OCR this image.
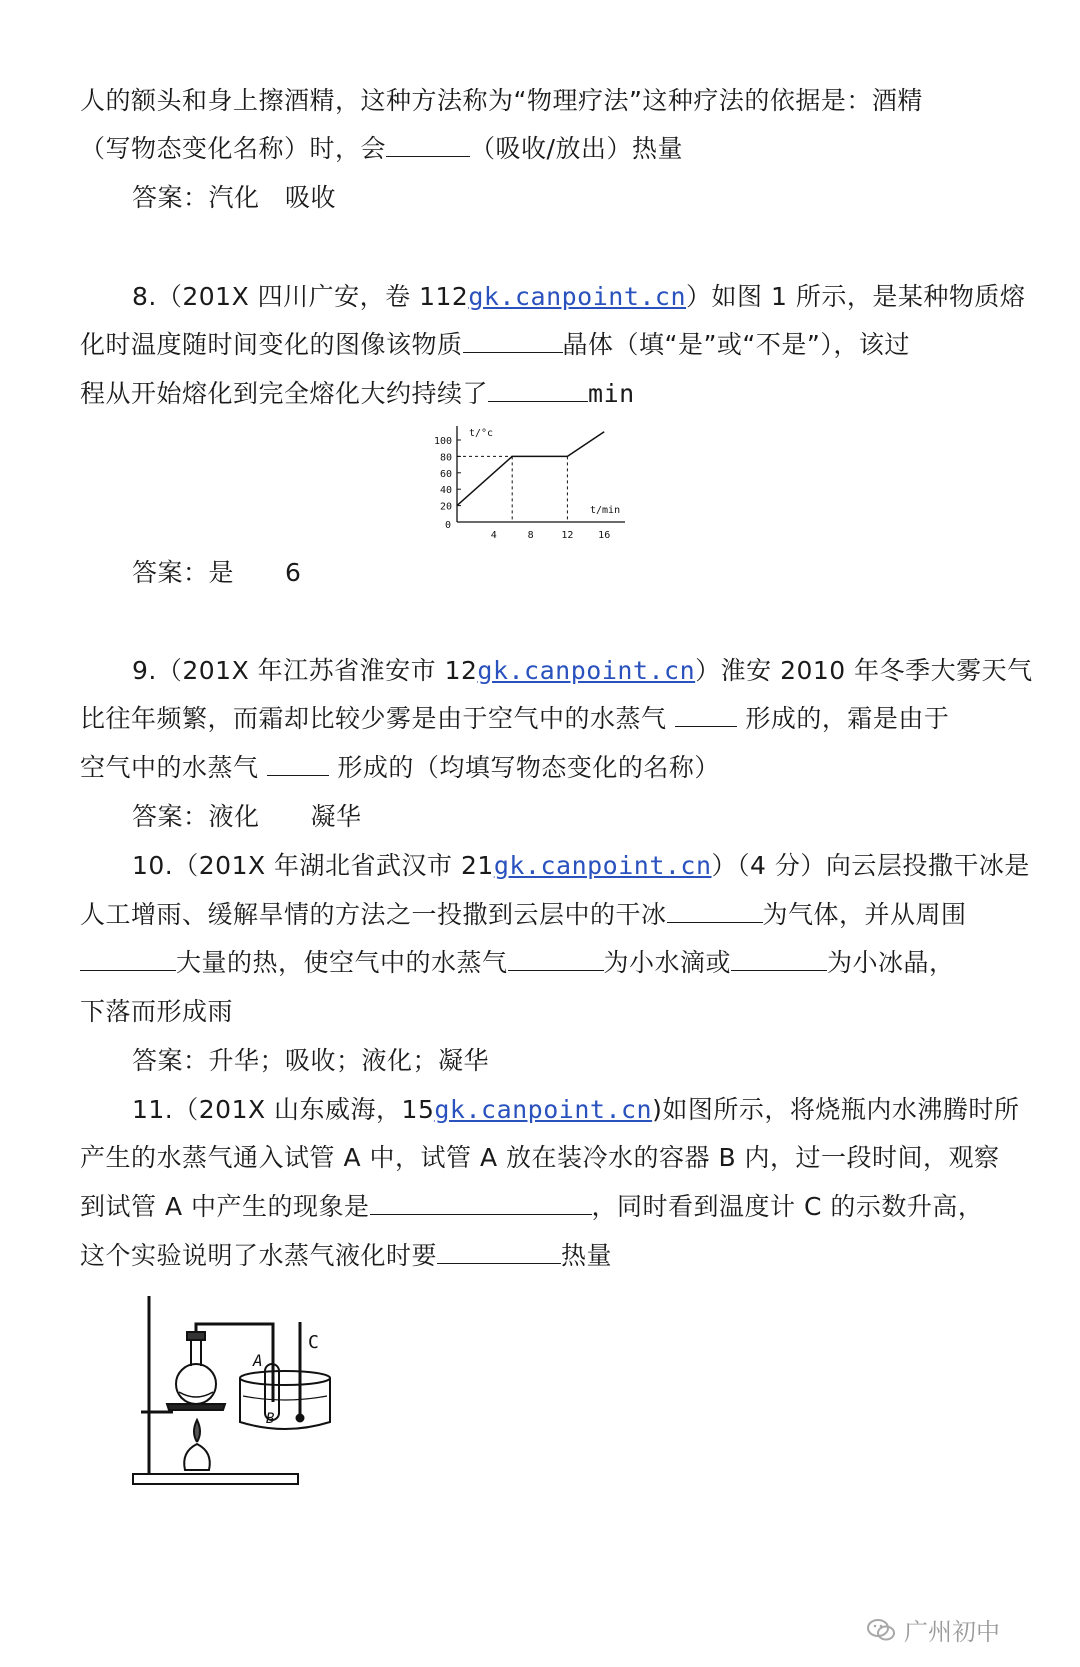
人的额头和身上擦酒精，这种方法称为“物理疗法”这种疗法的依据是：酒精
（写物态变化名称）时，会	（吸收/放出）热量
答案：汽化　吸收
8.（201X 四川广安，卷 112gk.canpoint.cn）如图 1 所示，是某种物质熔
化时温度随时间变化的图像该物质	晶体（填“是”或“不是”），该过
程从开始熔化到完全熔化大约持续了	min
t/°c
t/min
0
100
80
60
40
20
4	8	12 16
答案：是　　6
9.（201X 年江苏省淮安市 12gk.canpoint.cn）淮安 2010 年冬季大雾天气
比往年频繁，而霜却比较少雾是由于空气中的水蒸气	形成的，霜是由于
空气中的水蒸气	形成的（均填写物态变化的名称）
答案：液化　　凝华
10.（201X 年湖北省武汉市 21gk.canpoint.cn）（4 分）向云层投撒干冰是
人工增雨、缓解旱情的方法之一投撒到云层中的干冰	为气体，并从周围
大量的热，使空气中的水蒸气	为小水滴或	为小冰晶，
下落而形成雨
答案：升华；吸收；液化；凝华
11.（201X 山东威海，15gk.canpoint.cn)如图所示，将烧瓶内水沸腾时所
产生的水蒸气通入试管 A 中，试管 A 放在装冷水的容器 B 内，过一段时间，观察
到试管 A 中产生的现象是	，同时看到温度计 C 的示数升高，
这个实验说明了水蒸气液化时要	热量
A
B
C
广州初中
